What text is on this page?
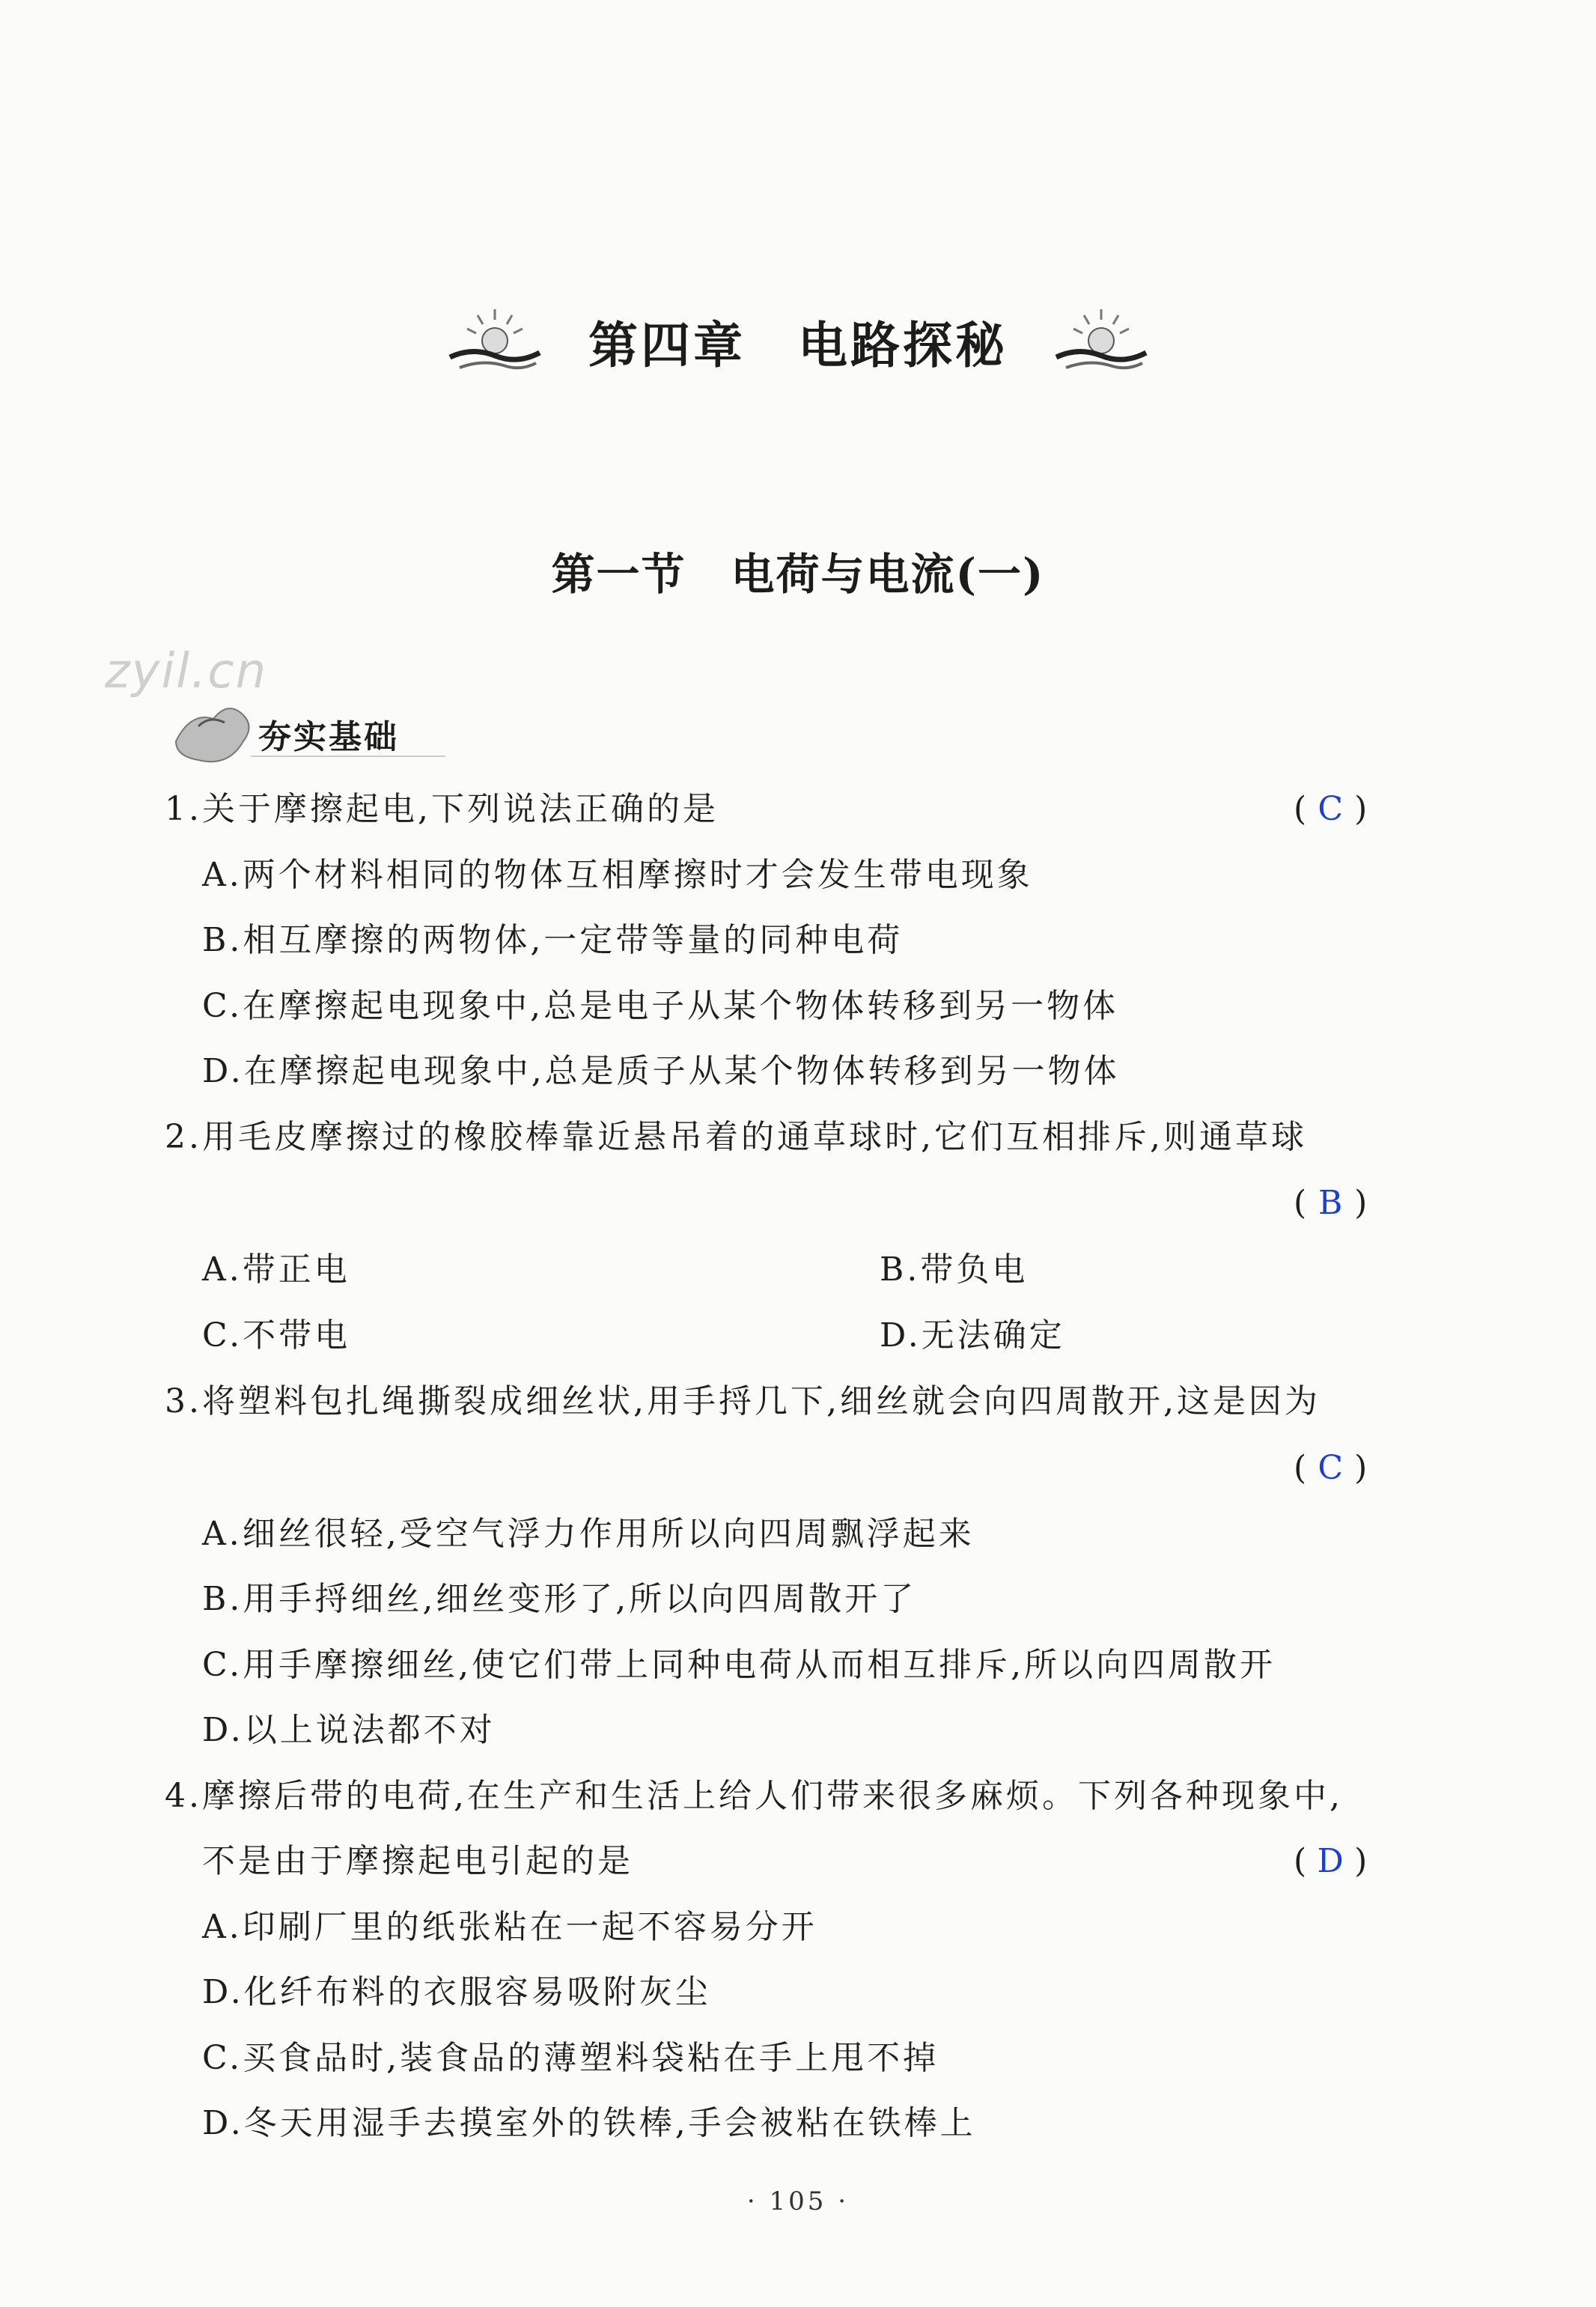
第四章 电路探秘
第一节　电荷与电流(一)
zyil.cn
夯实基础
1.关于摩擦起电,下列说法正确的是	( C )
A.两个材料相同的物体互相摩擦时才会发生带电现象
B.相互摩擦的两物体,一定带等量的同种电荷
C.在摩擦起电现象中,总是电子从某个物体转移到另一物体
D.在摩擦起电现象中,总是质子从某个物体转移到另一物体
2.用毛皮摩擦过的橡胶棒靠近悬吊着的通草球时,它们互相排斥,则通草球
( B )
A.带正电	B.带负电
C.不带电	D.无法确定
3.将塑料包扎绳撕裂成细丝状,用手捋几下,细丝就会向四周散开,这是因为
( C )
A.细丝很轻,受空气浮力作用所以向四周飘浮起来
B.用手捋细丝,细丝变形了,所以向四周散开了
C.用手摩擦细丝,使它们带上同种电荷从而相互排斥,所以向四周散开
D.以上说法都不对
4.摩擦后带的电荷,在生产和生活上给人们带来很多麻烦。下列各种现象中,
不是由于摩擦起电引起的是	( D )
A.印刷厂里的纸张粘在一起不容易分开
D.化纤布料的衣服容易吸附灰尘
C.买食品时,装食品的薄塑料袋粘在手上甩不掉
D.冬天用湿手去摸室外的铁棒,手会被粘在铁棒上
· 105 ·
